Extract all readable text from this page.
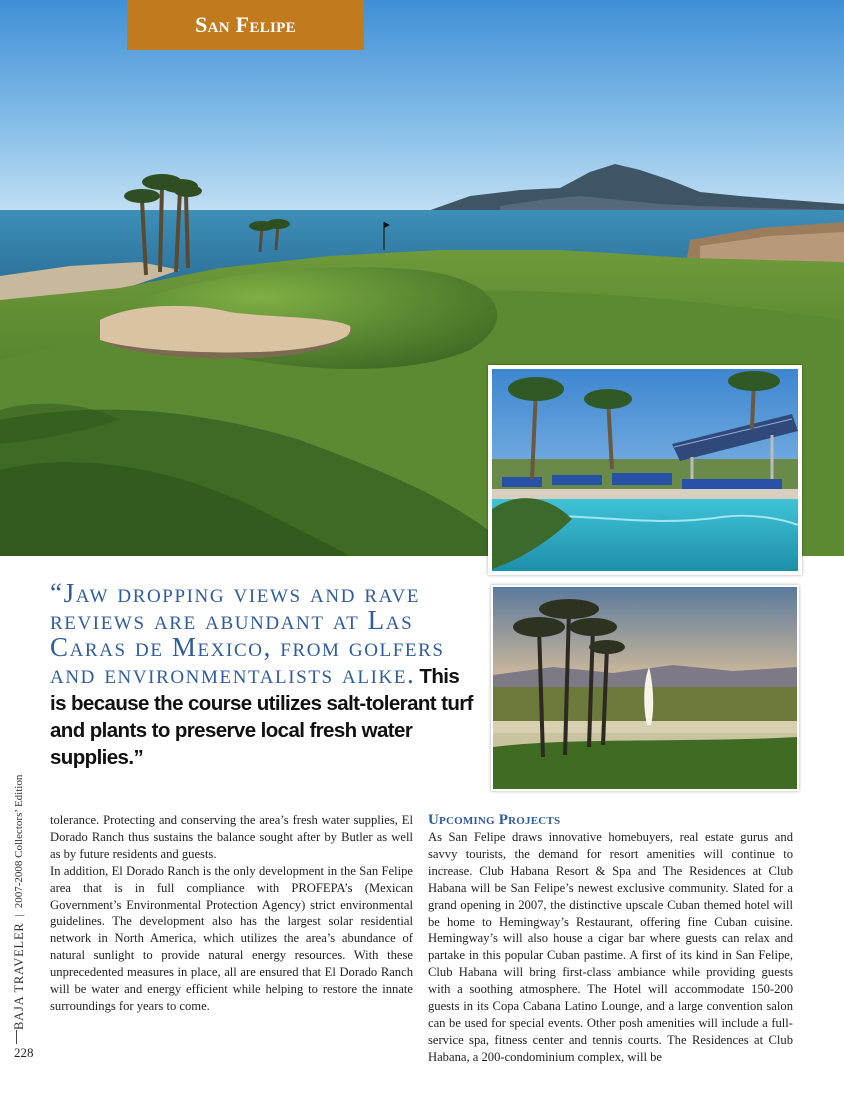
San Felipe
“Jaw dropping views and rave reviews are abundant at Las Caras de Mexico, from golfers and environmentalists alike. This is because the course utilizes salt-tolerant turf and plants to preserve local fresh water supplies.”
BAJA TRAVELER
|
2007-2008 Collectors’ Edition
228

tolerance. Protecting and conserving the area’s fresh water supplies, El Dorado Ranch thus sustains the balance sought after by Butler as well as by future residents and guests.

In addition, El Dorado Ranch is the only development in the San Felipe area that is in full compliance with PROFEPA’s (Mexican Government’s Environmental Protection Agency) strict environmental guidelines. The development also has the largest solar residential network in North America, which utilizes the area’s abundance of natural sunlight to provide natural energy resources. With these unprecedented measures in place, all are ensured that El Dorado Ranch will be water and energy efficient while helping to restore the innate surroundings for years to come.

Upcoming Projects

As San Felipe draws innovative homebuyers, real estate gurus and savvy tourists, the demand for resort amenities will continue to increase. Club Habana Resort & Spa and The Residences at Club Habana will be San Felipe’s newest exclusive community. Slated for a grand opening in 2007, the distinctive upscale Cuban themed hotel will be home to Hemingway’s Restaurant, offering fine Cuban cuisine. Hemingway’s will also house a cigar bar where guests can relax and partake in this popular Cuban pastime. A first of its kind in San Felipe, Club Habana will bring first-class ambiance while providing guests with a soothing atmosphere. The Hotel will accommodate 150-200 guests in its Copa Cabana Latino Lounge, and a large convention salon can be used for special events. Other posh amenities will include a full-service spa, fitness center and tennis courts. The Residences at Club Habana, a 200-condominium complex, will be
